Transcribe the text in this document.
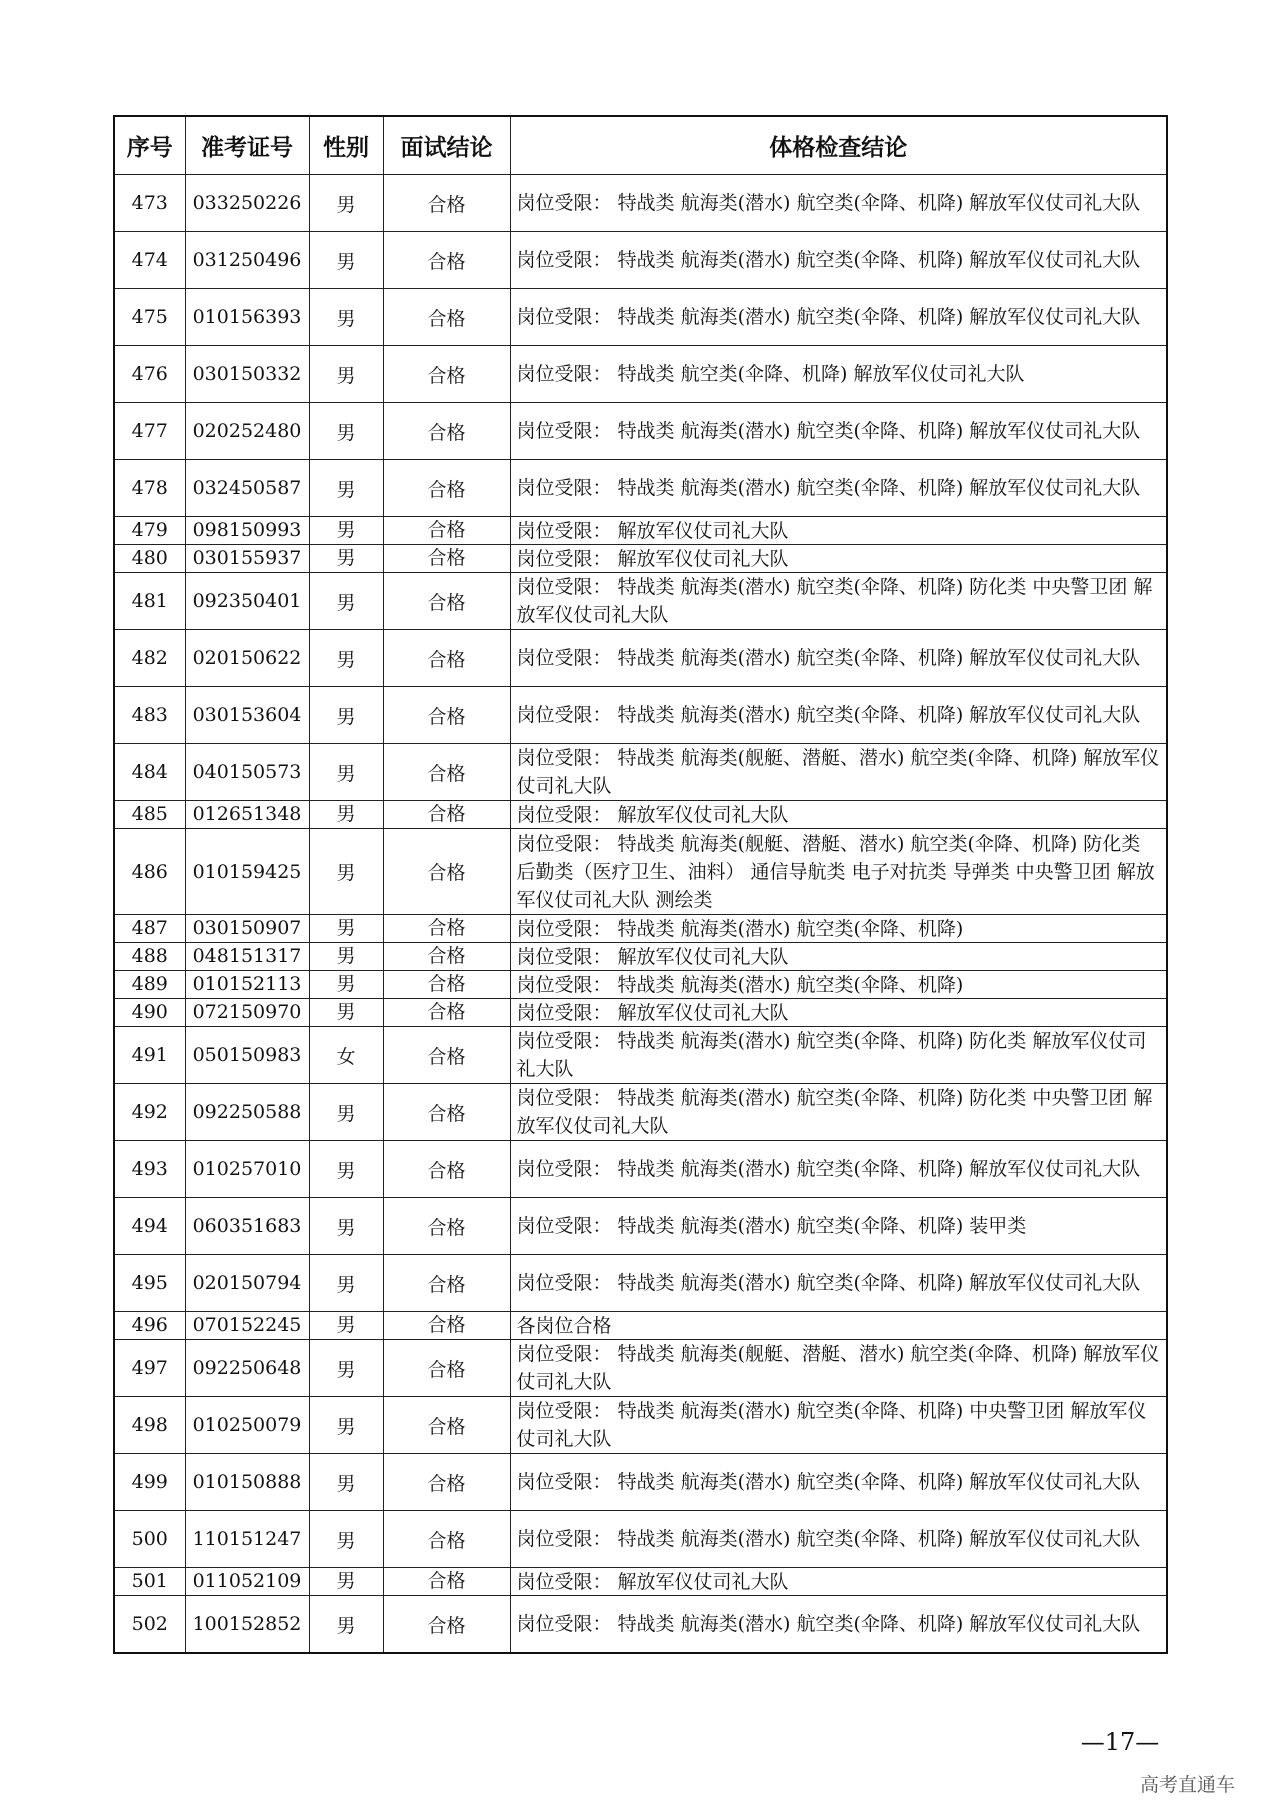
序号	准考证号	性别	面试结论	体格检查结论
473	033250226	男	合格	岗位受限： 特战类 航海类(潜水) 航空类(伞降、机降) 解放军仪仗司礼大队
474	031250496	男	合格	岗位受限： 特战类 航海类(潜水) 航空类(伞降、机降) 解放军仪仗司礼大队
475	010156393	男	合格	岗位受限： 特战类 航海类(潜水) 航空类(伞降、机降) 解放军仪仗司礼大队
476	030150332	男	合格	岗位受限： 特战类 航空类(伞降、机降) 解放军仪仗司礼大队
477	020252480	男	合格	岗位受限： 特战类 航海类(潜水) 航空类(伞降、机降) 解放军仪仗司礼大队
478	032450587	男	合格	岗位受限： 特战类 航海类(潜水) 航空类(伞降、机降) 解放军仪仗司礼大队
479	098150993	男	合格	岗位受限： 解放军仪仗司礼大队
480	030155937	男	合格	岗位受限： 解放军仪仗司礼大队
481	092350401	男	合格	岗位受限： 特战类 航海类(潜水) 航空类(伞降、机降) 防化类 中央警卫团 解放军仪仗司礼大队
482	020150622	男	合格	岗位受限： 特战类 航海类(潜水) 航空类(伞降、机降) 解放军仪仗司礼大队
483	030153604	男	合格	岗位受限： 特战类 航海类(潜水) 航空类(伞降、机降) 解放军仪仗司礼大队
484	040150573	男	合格	岗位受限： 特战类 航海类(舰艇、潜艇、潜水) 航空类(伞降、机降) 解放军仪仗司礼大队
485	012651348	男	合格	岗位受限： 解放军仪仗司礼大队
486	010159425	男	合格	岗位受限： 特战类 航海类(舰艇、潜艇、潜水) 航空类(伞降、机降) 防化类 后勤类（医疗卫生、油料） 通信导航类 电子对抗类 导弹类 中央警卫团 解放军仪仗司礼大队 测绘类
487	030150907	男	合格	岗位受限： 特战类 航海类(潜水) 航空类(伞降、机降)
488	048151317	男	合格	岗位受限： 解放军仪仗司礼大队
489	010152113	男	合格	岗位受限： 特战类 航海类(潜水) 航空类(伞降、机降)
490	072150970	男	合格	岗位受限： 解放军仪仗司礼大队
491	050150983	女	合格	岗位受限： 特战类 航海类(潜水) 航空类(伞降、机降) 防化类 解放军仪仗司礼大队
492	092250588	男	合格	岗位受限： 特战类 航海类(潜水) 航空类(伞降、机降) 防化类 中央警卫团 解放军仪仗司礼大队
493	010257010	男	合格	岗位受限： 特战类 航海类(潜水) 航空类(伞降、机降) 解放军仪仗司礼大队
494	060351683	男	合格	岗位受限： 特战类 航海类(潜水) 航空类(伞降、机降) 装甲类
495	020150794	男	合格	岗位受限： 特战类 航海类(潜水) 航空类(伞降、机降) 解放军仪仗司礼大队
496	070152245	男	合格	各岗位合格
497	092250648	男	合格	岗位受限： 特战类 航海类(舰艇、潜艇、潜水) 航空类(伞降、机降) 解放军仪仗司礼大队
498	010250079	男	合格	岗位受限： 特战类 航海类(潜水) 航空类(伞降、机降) 中央警卫团 解放军仪仗司礼大队
499	010150888	男	合格	岗位受限： 特战类 航海类(潜水) 航空类(伞降、机降) 解放军仪仗司礼大队
500	110151247	男	合格	岗位受限： 特战类 航海类(潜水) 航空类(伞降、机降) 解放军仪仗司礼大队
501	011052109	男	合格	岗位受限： 解放军仪仗司礼大队
502	100152852	男	合格	岗位受限： 特战类 航海类(潜水) 航空类(伞降、机降) 解放军仪仗司礼大队
—17—
高考直通车
